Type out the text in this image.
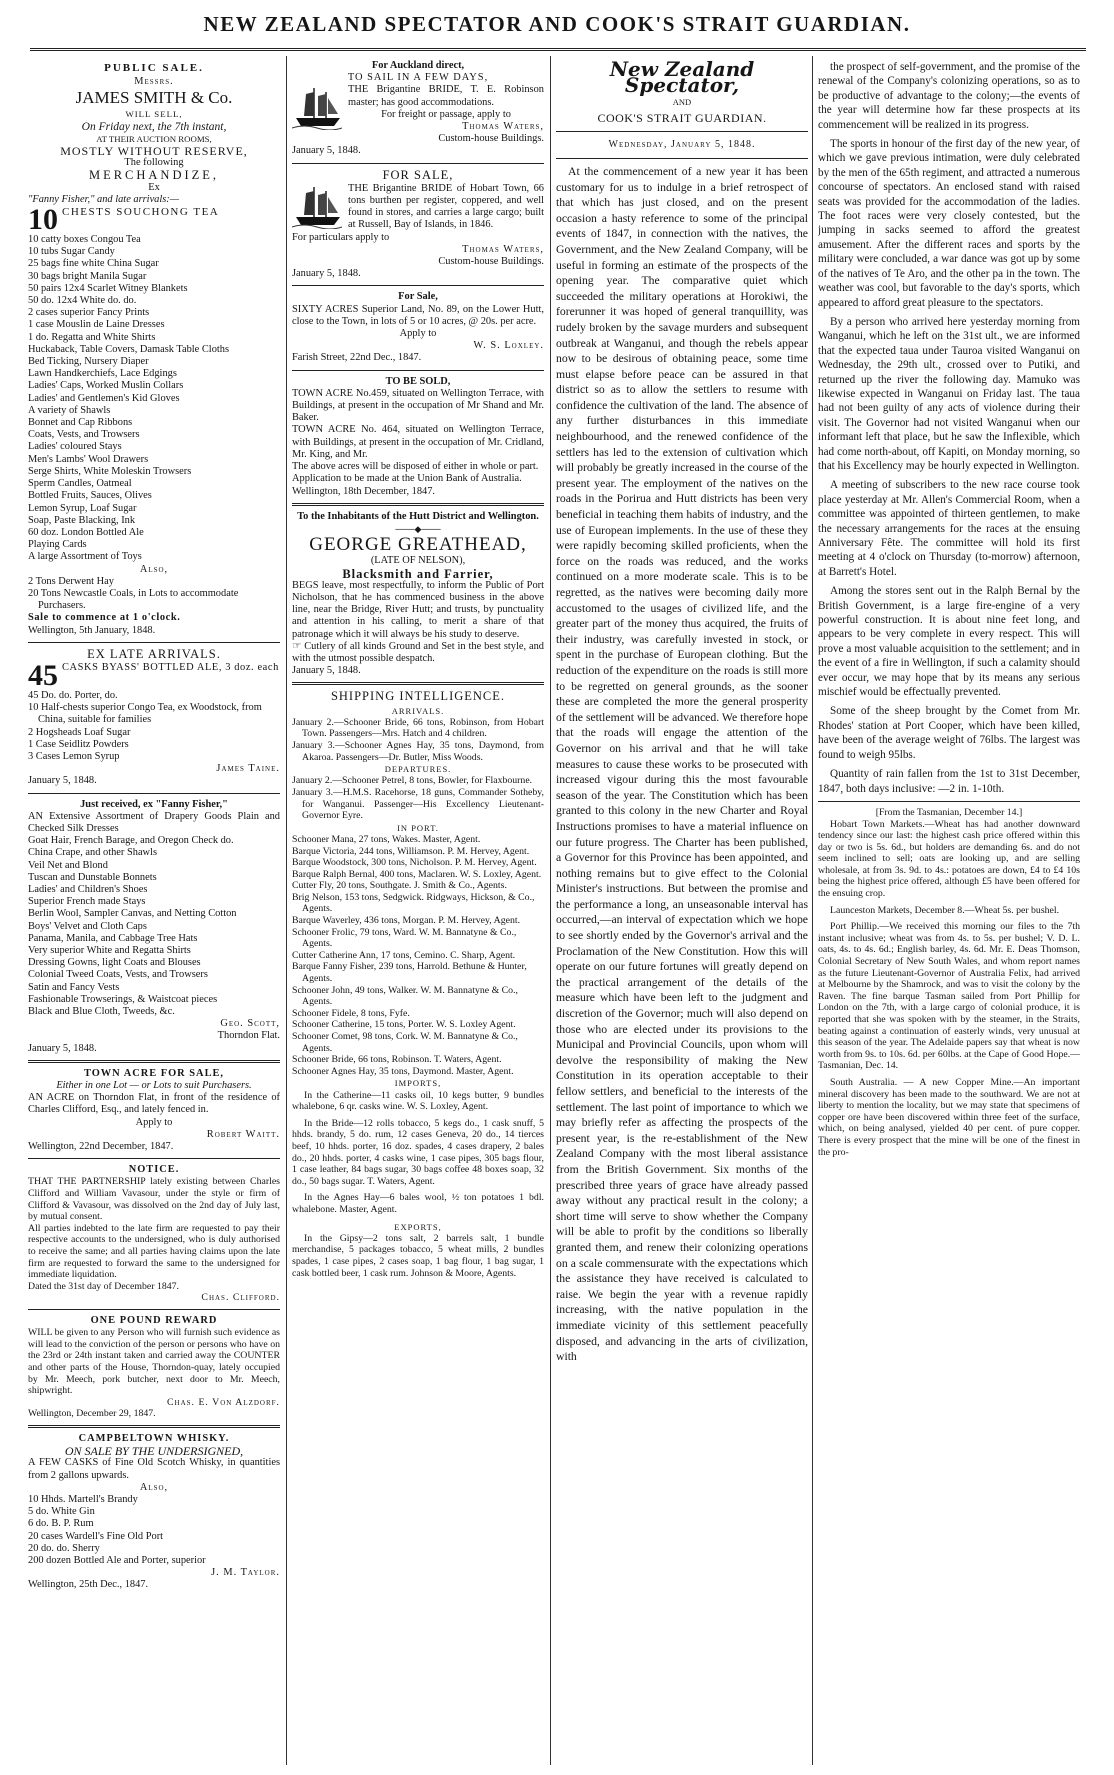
NEW ZEALAND SPECTATOR AND COOK'S STRAIT GUARDIAN.
PUBLIC SALE.
Messrs.
JAMES SMITH & Co.
WILL SELL,
On Friday next, the 7th instant,
AT THEIR AUCTION ROOMS,
MOSTLY WITHOUT RESERVE,
The following
MERCHANDIZE,
Ex
"Fanny Fisher," and late arrivals:—
10 CHESTS SOUCHONG TEA
10 catty boxes Congou Tea
10 tubs Sugar Candy
25 bags fine white China Sugar
30 bags bright Manila Sugar
50 pairs 12x4 Scarlet Witney Blankets
50 do. 12x4 White do. do.
2 cases superior Fancy Prints
1 case Mouslin de Laine Dresses
1 do. Regatta and White Shirts
Huckaback, Table Covers, Damask Table Cloths
Bed Ticking, Nursery Diaper
Lawn Handkerchiefs, Lace Edgings
Ladies' Caps, Worked Muslin Collars
Ladies' and Gentlemen's Kid Gloves
A variety of Shawls
Bonnet and Cap Ribbons
Coats, Vests, and Trowsers
Ladies' coloured Stays
Men's Lambs' Wool Drawers
Serge Shirts, White Moleskin Trowsers
Sperm Candles, Oatmeal
Bottled Fruits, Sauces, Olives
Lemon Syrup, Loaf Sugar
Soap, Paste Blacking, Ink
60 doz. London Bottled Ale
Playing Cards
A large Assortment of Toys
Also,
2 Tons Derwent Hay
20 Tons Newcastle Coals, in Lots to accommodate Purchasers.
Sale to commence at 1 o'clock.
Wellington, 5th January, 1848.
EX LATE ARRIVALS.
45 CASKS BYASS' BOTTLED ALE, 3 doz. each
45 Do. do. Porter, do.
10 Half-chests superior Congo Tea, ex Woodstock, from China, suitable for families
2 Hogsheads Loaf Sugar
1 Case Seidlitz Powders
3 Cases Lemon Syrup
James Taine.
January 5, 1848.
Just received, ex "Fanny Fisher,"
AN Extensive Assortment of Drapery Goods Plain and Checked Silk Dresses
Goat Hair, French Barage, and Oregon Check do.
China Crape, and other Shawls
Veil Net and Blond
Tuscan and Dunstable Bonnets
Ladies' and Children's Shoes
Superior French made Stays
Berlin Wool, Sampler Canvas, and Netting Cotton
Boys' Velvet and Cloth Caps
Panama, Manila, and Cabbage Tree Hats
Very superior White and Regatta Shirts
Dressing Gowns, light Coats and Blouses
Colonial Tweed Coats, Vests, and Trowsers
Satin and Fancy Vests
Fashionable Trowserings, & Waistcoat pieces
Black and Blue Cloth, Tweeds, &c.
Geo. Scott,
Thorndon Flat.
January 5, 1848.
TOWN ACRE FOR SALE,
Either in one Lot — or Lots to suit Purchasers.
AN ACRE on Thorndon Flat, in front of the residence of Charles Clifford, Esq., and lately fenced in.
Apply to
Robert Waitt.
Wellington, 22nd December, 1847.
NOTICE.
THAT THE PARTNERSHIP lately existing between Charles Clifford and William Vavasour, under the style or firm of Clifford & Vavasour, was dissolved on the 2nd day of July last, by mutual consent.
All parties indebted to the late firm are requested to pay their respective accounts to the undersigned, who is duly authorised to receive the same; and all parties having claims upon the late firm are requested to forward the same to the undersigned for immediate liquidation.
Dated the 31st day of December 1847.
Chas. Clifford.
ONE POUND REWARD
WILL be given to any Person who will furnish such evidence as will lead to the conviction of the person or persons who have on the 23rd or 24th instant taken and carried away the COUNTER and other parts of the House, Thorndon-quay, lately occupied by Mr. Meech, pork butcher, next door to Mr. Meech, shipwright.
Chas. E. Von Alzdorf.
Wellington, December 29, 1847.
CAMPBELTOWN WHISKY.
ON SALE BY THE UNDERSIGNED,
A FEW CASKS of Fine Old Scotch Whisky, in quantities from 2 gallons upwards.
Also,
10 Hhds. Martell's Brandy
5 do. White Gin
6 do. B. P. Rum
20 cases Wardell's Fine Old Port
20 do. do. Sherry
200 dozen Bottled Ale and Porter, superior
J. M. Taylor.
Wellington, 25th Dec., 1847.
For Auckland direct,
TO SAIL IN A FEW DAYS,
THE Brigantine BRIDE, T. E. Robinson master; has good accommodations.
For freight or passage, apply to
Thomas Waters,
Custom-house Buildings.
January 5, 1848.
FOR SALE,
THE Brigantine BRIDE of Hobart Town, 66 tons burthen per register, coppered, and well found in stores, and carries a large cargo; built at Russell, Bay of Islands, in 1846.
For particulars apply to
Thomas Waters,
Custom-house Buildings.
January 5, 1848.
For Sale,
SIXTY ACRES Superior Land, No. 89, on the Lower Hutt, close to the Town, in lots of 5 or 10 acres, @ 20s. per acre.
Apply to
W. S. Loxley.
Farish Street, 22nd Dec., 1847.
TO BE SOLD,
TOWN ACRE No.459, situated on Wellington Terrace, with Buildings, at present in the occupation of Mr Shand and Mr. Baker.
TOWN ACRE No. 464, situated on Wellington Terrace, with Buildings, at present in the occupation of Mr. Cridland, Mr. King, and Mr.
The above acres will be disposed of either in whole or part.
Application to be made at the Union Bank of Australia.
Wellington, 18th December, 1847.
To the Inhabitants of the Hutt District and Wellington.
───◆───
GEORGE GREATHEAD,
(LATE OF NELSON),
Blacksmith and Farrier,
BEGS leave, most respectfully, to inform the Public of Port Nicholson, that he has commenced business in the above line, near the Bridge, River Hutt; and trusts, by punctuality and attention in his calling, to merit a share of that patronage which it will always be his study to deserve.
☞ Cutlery of all kinds Ground and Set in the best style, and with the utmost possible despatch.
January 5, 1848.
SHIPPING INTELLIGENCE.
ARRIVALS.
January 2.—Schooner Bride, 66 tons, Robinson, from Hobart Town. Passengers—Mrs. Hatch and 4 children.
January 3.—Schooner Agnes Hay, 35 tons, Daymond, from Akaroa. Passengers—Dr. Butler, Miss Woods.
DEPARTURES.
January 2.—Schooner Petrel, 8 tons, Bowler, for Flaxbourne.
January 3.—H.M.S. Racehorse, 18 guns, Commander Sotheby, for Wanganui. Passenger—His Excellency Lieutenant-Governor Eyre.
IN PORT.
Schooner Mana, 27 tons, Wakes. Master, Agent.
Barque Victoria, 244 tons, Williamson. P. M. Hervey, Agent.
Barque Woodstock, 300 tons, Nicholson. P. M. Hervey, Agent.
Barque Ralph Bernal, 400 tons, Maclaren. W. S. Loxley, Agent.
Cutter Fly, 20 tons, Southgate. J. Smith & Co., Agents.
Brig Nelson, 153 tons, Sedgwick. Ridgways, Hickson, & Co., Agents.
Barque Waverley, 436 tons, Morgan. P. M. Hervey, Agent.
Schooner Frolic, 79 tons, Ward. W. M. Bannatyne & Co., Agents.
Cutter Catherine Ann, 17 tons, Cemino. C. Sharp, Agent.
Barque Fanny Fisher, 239 tons, Harrold. Bethune & Hunter, Agents.
Schooner John, 49 tons, Walker. W. M. Bannatyne & Co., Agents.
Schooner Fidele, 8 tons, Fyfe.
Schooner Catherine, 15 tons, Porter. W. S. Loxley Agent.
Schooner Comet, 98 tons, Cork. W. M. Bannatyne & Co., Agents.
Schooner Bride, 66 tons, Robinson. T. Waters, Agent.
Schooner Agnes Hay, 35 tons, Daymond. Master, Agent.
IMPORTS,
In the Catherine—11 casks oil, 10 kegs butter, 9 bundles whalebone, 6 qr. casks wine. W. S. Loxley, Agent.
In the Bride—12 rolls tobacco, 5 kegs do., 1 cask snuff, 5 hhds. brandy, 5 do. rum, 12 cases Geneva, 20 do., 14 tierces beef, 10 hhds. porter, 16 doz. spades, 4 cases drapery, 2 bales do., 20 hhds. porter, 4 casks wine, 1 case pipes, 305 bags flour, 1 case leather, 84 bags sugar, 30 bags coffee 48 boxes soap, 32 do., 50 bags sugar. T. Waters, Agent.
In the Agnes Hay—6 bales wool, ½ ton potatoes 1 bdl. whalebone. Master, Agent.
EXPORTS,
In the Gipsy—2 tons salt, 2 barrels salt, 1 bundle merchandise, 5 packages tobacco, 5 wheat mills, 2 bundles spades, 1 case pipes, 2 cases soap, 1 bag flour, 1 bag sugar, 1 cask bottled beer, 1 cask rum. Johnson & Moore, Agents.
New Zealand Spectator,
AND
COOK'S STRAIT GUARDIAN.
Wednesday, January 5, 1848.
At the commencement of a new year it has been customary for us to indulge in a brief retrospect of that which has just closed, and on the present occasion a hasty reference to some of the principal events of 1847, in connection with the natives, the Government, and the New Zealand Company, will be useful in forming an estimate of the prospects of the opening year. The comparative quiet which succeeded the military operations at Horokiwi, the forerunner it was hoped of general tranquillity, was rudely broken by the savage murders and subsequent outbreak at Wanganui, and though the rebels appear now to be desirous of obtaining peace, some time must elapse before peace can be assured in that district so as to allow the settlers to resume with confidence the cultivation of the land. The absence of any further disturbances in this immediate neighbourhood, and the renewed confidence of the settlers has led to the extension of cultivation which will probably be greatly increased in the course of the present year. The employment of the natives on the roads in the Porirua and Hutt districts has been very beneficial in teaching them habits of industry, and the use of European implements. In the use of these they were rapidly becoming skilled proficients, when the force on the roads was reduced, and the works continued on a more moderate scale. This is to be regretted, as the natives were becoming daily more accustomed to the usages of civilized life, and the greater part of the money thus acquired, the fruits of their industry, was carefully invested in stock, or spent in the purchase of European clothing. But the reduction of the expenditure on the roads is still more to be regretted on general grounds, as the sooner these are completed the more the general prosperity of the settlement will be advanced. We therefore hope that the roads will engage the attention of the Governor on his arrival and that he will take measures to cause these works to be prosecuted with increased vigour during this the most favourable season of the year. The Constitution which has been granted to this colony in the new Charter and Royal Instructions promises to have a material influence on our future progress. The Charter has been published, a Governor for this Province has been appointed, and nothing remains but to give effect to the Colonial Minister's instructions. But between the promise and the performance a long, an unseasonable interval has occurred,—an interval of expectation which we hope to see shortly ended by the Governor's arrival and the Proclamation of the New Constitution. How this will operate on our future fortunes will greatly depend on the practical arrangement of the details of the measure which have been left to the judgment and discretion of the Governor; much will also depend on those who are elected under its provisions to the Municipal and Provincial Councils, upon whom will devolve the responsibility of making the New Constitution in its operation acceptable to their fellow settlers, and beneficial to the interests of the settlement. The last point of importance to which we may briefly refer as affecting the prospects of the present year, is the re-establishment of the New Zealand Company with the most liberal assistance from the British Government. Six months of the prescribed three years of grace have already passed away without any practical result in the colony; a short time will serve to show whether the Company will be able to profit by the conditions so liberally granted them, and renew their colonizing operations on a scale commensurate with the expectations which the assistance they have received is calculated to raise. We begin the year with a revenue rapidly increasing, with the native population in the immediate vicinity of this settlement peacefully disposed, and advancing in the arts of civilization, with
the prospect of self-government, and the promise of the renewal of the Company's colonizing operations, so as to be productive of advantage to the colony;—the events of the year will determine how far these prospects at its commencement will be realized in its progress.
The sports in honour of the first day of the new year, of which we gave previous intimation, were duly celebrated by the men of the 65th regiment, and attracted a numerous concourse of spectators. An enclosed stand with raised seats was provided for the accommodation of the ladies. The foot races were very closely contested, but the jumping in sacks seemed to afford the greatest amusement. After the different races and sports by the military were concluded, a war dance was got up by some of the natives of Te Aro, and the other pa in the town. The weather was cool, but favorable to the day's sports, which appeared to afford great pleasure to the spectators.
By a person who arrived here yesterday morning from Wanganui, which he left on the 31st ult., we are informed that the expected taua under Tauroa visited Wanganui on Wednesday, the 29th ult., crossed over to Putiki, and returned up the river the following day. Mamuko was likewise expected in Wanganui on Friday last. The taua had not been guilty of any acts of violence during their visit. The Governor had not visited Wanganui when our informant left that place, but he saw the Inflexible, which had come north-about, off Kapiti, on Monday morning, so that his Excellency may be hourly expected in Wellington.
A meeting of subscribers to the new race course took place yesterday at Mr. Allen's Commercial Room, when a committee was appointed of thirteen gentlemen, to make the necessary arrangements for the races at the ensuing Anniversary Fête. The committee will hold its first meeting at 4 o'clock on Thursday (to-morrow) afternoon, at Barrett's Hotel.
Among the stores sent out in the Ralph Bernal by the British Government, is a large fire-engine of a very powerful construction. It is about nine feet long, and appears to be very complete in every respect. This will prove a most valuable acquisition to the settlement; and in the event of a fire in Wellington, if such a calamity should ever occur, we may hope that by its means any serious mischief would be effectually prevented.
Some of the sheep brought by the Comet from Mr. Rhodes' station at Port Cooper, which have been killed, have been of the average weight of 76lbs. The largest was found to weigh 95lbs.
Quantity of rain fallen from the 1st to 31st December, 1847, both days inclusive: —2 in. 1-10th.
[From the Tasmanian, December 14.]
Hobart Town Markets.—Wheat has had another downward tendency since our last: the highest cash price offered within this day or two is 5s. 6d., but holders are demanding 6s. and do not seem inclined to sell; oats are looking up, and are selling wholesale, at from 3s. 9d. to 4s.: potatoes are down, £4 to £4 10s being the highest price offered, although £5 have been offered for the ensuing crop.
Launceston Markets, December 8.—Wheat 5s. per bushel.
Port Phillip.—We received this morning our files to the 7th instant inclusive; wheat was from 4s. to 5s. per bushel; V. D. L. oats, 4s. to 4s. 6d.; English barley, 4s. 6d. Mr. E. Deas Thomson, Colonial Secretary of New South Wales, and whom report names as the future Lieutenant-Governor of Australia Felix, had arrived at Melbourne by the Shamrock, and was to visit the colony by the Raven. The fine barque Tasman sailed from Port Phillip for London on the 7th, with a large cargo of colonial produce, it is reported that she was spoken with by the steamer, in the Straits, beating against a continuation of easterly winds, very unusual at this season of the year. The Adelaide papers say that wheat is now worth from 9s. to 10s. 6d. per 60lbs. at the Cape of Good Hope.—Tasmanian, Dec. 14.
South Australia. — A new Copper Mine.—An important mineral discovery has been made to the southward. We are not at liberty to mention the locality, but we may state that specimens of copper ore have been discovered within three feet of the surface, which, on being analysed, yielded 40 per cent. of pure copper. There is every prospect that the mine will be one of the finest in the pro-
